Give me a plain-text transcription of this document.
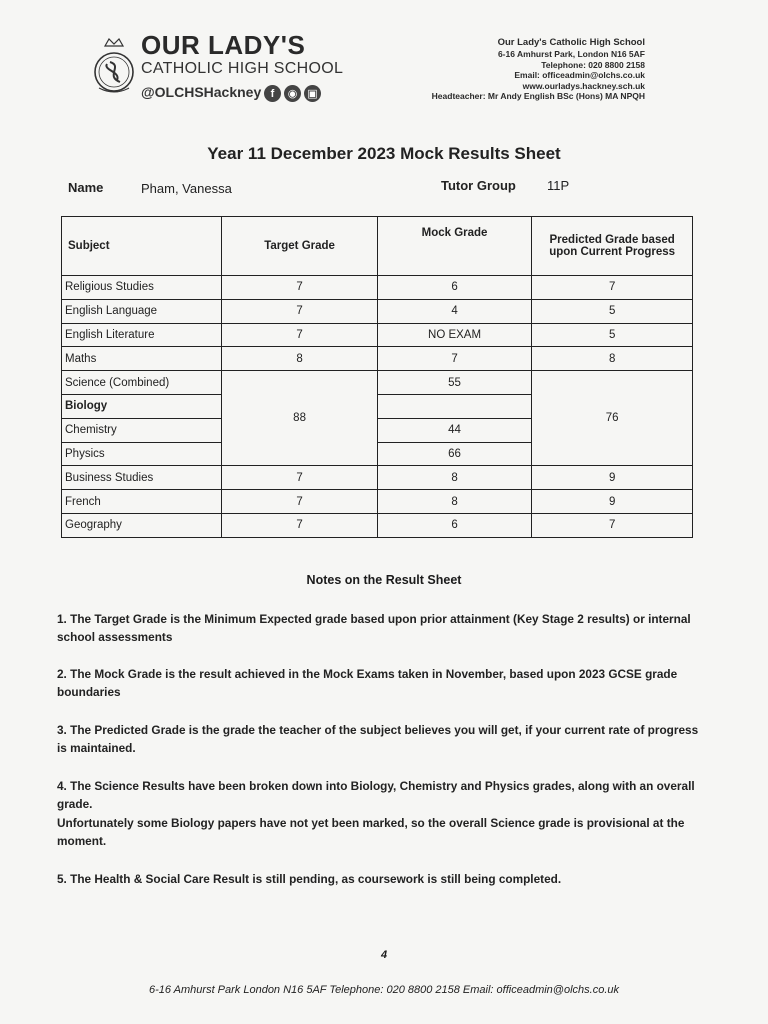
OUR LADY'S
CATHOLIC HIGH SCHOOL
@OLCHSHackney f	◉ ▣
Our Lady's Catholic High School
6-16 Amhurst Park, London N16 5AF
Telephone: 020 8800 2158
Email: officeadmin@olchs.co.uk
www.ourladys.hackney.sch.uk
Headteacher: Mr Andy English BSc (Hons) MA NPQH
Year 11 December 2023 Mock Results Sheet
Name	Pham, Vanessa	Tutor Group 11P
Subject	Target Grade	Mock Grade	Predicted Grade based upon Current Progress
Religious Studies	7	6	7
English Language	7	4	5
English Literature	7	NO EXAM	5
Maths	8	7	8
Science (Combined)	88	55	76
Biology			
Chemistry		44	
Physics		66	
Business Studies	7	8	9
French	7	8	9
Geography	7	6	7
Notes on the Result Sheet
1. The Target Grade is the Minimum Expected grade based upon prior attainment (Key Stage 2 results) or internal school assessments
2. The Mock Grade is the result achieved in the Mock Exams taken in November, based upon 2023 GCSE grade boundaries
3. The Predicted Grade is the grade the teacher of the subject believes you will get, if your current rate of progress is maintained.
4. The Science Results have been broken down into Biology, Chemistry and Physics grades, along with an overall grade.
Unfortunately some Biology papers have not yet been marked, so the overall Science grade is provisional at the moment.
5. The Health & Social Care Result is still pending, as coursework is still being completed.
4
6-16 Amhurst Park London N16 5AF Telephone: 020 8800 2158 Email: officeadmin@olchs.co.uk
